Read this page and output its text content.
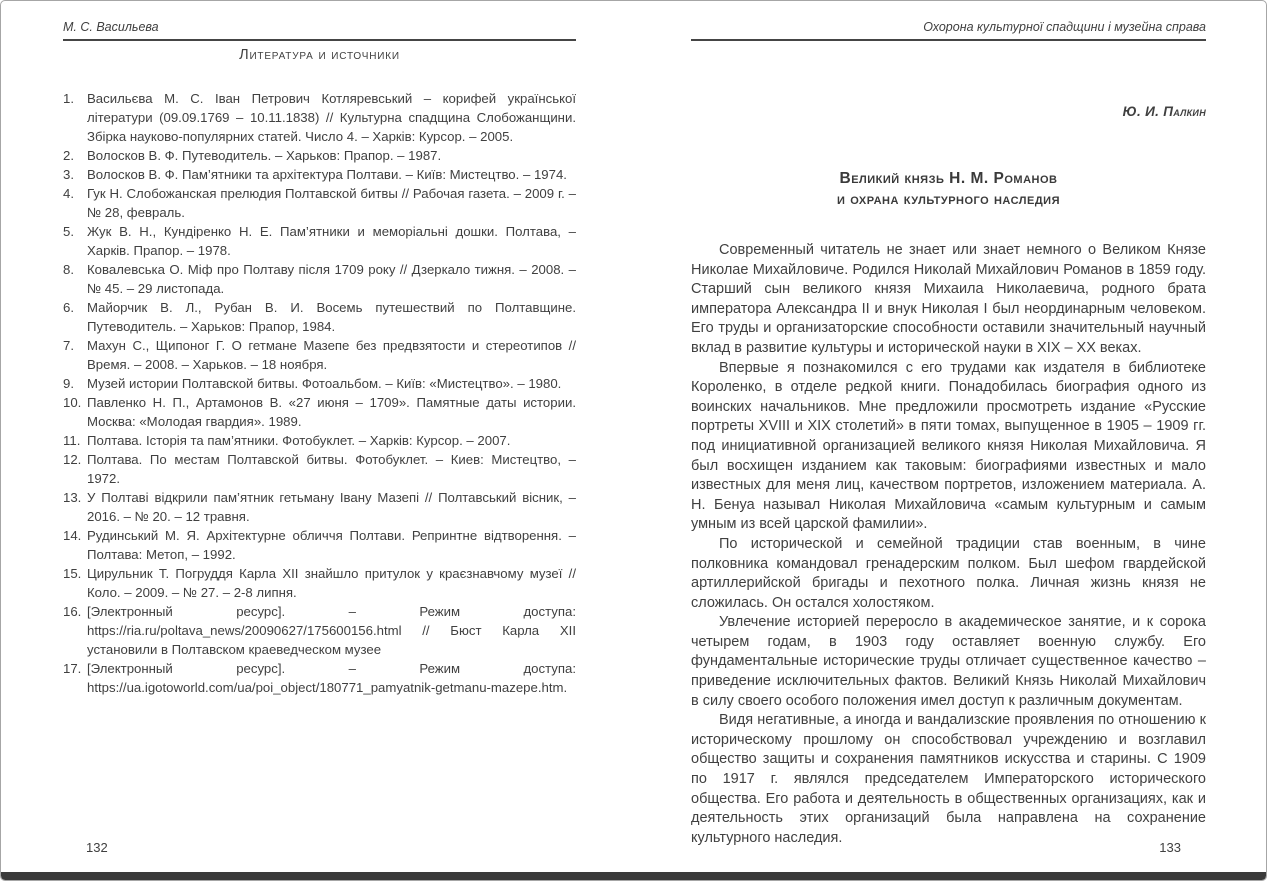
М. С. Васильева
Литература и источники
1. Васильєва М. С. Іван Петрович Котляревський – корифей української літератури (09.09.1769 – 10.11.1838) // Культурна спадщина Слобожанщини. Збірка науково-популярних статей. Число 4. – Харків: Курсор. – 2005.
2. Волосков В. Ф. Путеводитель. – Харьков: Прапор. – 1987.
3. Волосков В. Ф. Пам’ятники та архітектура Полтави. – Київ: Мистецтво. – 1974.
4. Гук Н. Слобожанская прелюдия Полтавской битвы // Рабочая газета. – 2009 г. – № 28, февраль.
5. Жук В. Н., Кундіренко Н. Е. Пам’ятники и меморіальні дошки. Полтава, – Харків. Прапор. – 1978.
8. Ковалевська О. Міф про Полтаву після 1709 року // Дзеркало тижня. – 2008. – № 45. – 29 листопада.
6. Майорчик В. Л., Рубан В. И. Восемь путешествий по Полтавщине. Путеводитель. – Харьков: Прапор, 1984.
7. Махун С., Щипоног Г. О гетмане Мазепе без предвзятости и стереотипов // Время. – 2008. – Харьков. – 18 ноября.
9. Музей истории Полтавской битвы. Фотоальбом. – Київ: «Мистецтво». – 1980.
10. Павленко Н. П., Артамонов В. «27 июня – 1709». Памятные даты истории. Москва: «Молодая гвардия». 1989.
11. Полтава. Історія та пам’ятники. Фотобуклет. – Харків: Курсор. – 2007.
12. Полтава. По местам Полтавской битвы. Фотобуклет. – Киев: Мистецтво, – 1972.
13. У Полтаві відкрили пам’ятник гетьману Івану Мазепі // Полтавський вісник, – 2016. – № 20. – 12 травня.
14. Рудинський М. Я. Архітектурне обличчя Полтави. Репринтне відтворення. – Полтава: Метоп, – 1992.
15. Цирульник Т. Погруддя Карла XII знайшло притулок у краєзнавчому музеї // Коло. – 2009. – № 27. – 2-8 липня.
16. [Электронный ресурс]. – Режим доступа: https://ria.ru/poltava_news/20090627/175600156.html // Бюст Карла XII установили в Полтавском краеведческом музее
17. [Электронный ресурс]. – Режим доступа: https://ua.igotoworld.com/ua/poi_object/180771_pamyatnik-getmanu-mazepe.htm.
132
Охорона культурної спадщини і музейна справа
Ю. И. Палкин
Великий князь Н. М. Романов
и охрана культурного наследия

Современный читатель не знает или знает немного о Великом Князе Николае Михайловиче. Родился Николай Михайлович Романов в 1859 году. Старший сын великого князя Михаила Николаевича, родного брата императора Александра II и внук Николая I был неординарным человеком. Его труды и организаторские способности оставили значительный научный вклад в развитие культуры и исторической науки в XIX – XX веках.

Впервые я познакомился с его трудами как издателя в библиотеке Короленко, в отделе редкой книги. Понадобилась биография одного из воинских начальников. Мне предложили просмотреть издание «Русские портреты XVIII и XIX столетий» в пяти томах, выпущенное в 1905 – 1909 гг. под инициативной организацией великого князя Николая Михайловича. Я был восхищен изданием как таковым: биографиями известных и мало известных для меня лиц, качеством портретов, изложением материала. А. Н. Бенуа называл Николая Михайловича «самым культурным и самым умным из всей царской фамилии».

По исторической и семейной традиции став военным, в чине полковника командовал гренадерским полком. Был шефом гвардейской артиллерийской бригады и пехотного полка. Личная жизнь князя не сложилась. Он остался холостяком.

Увлечение историей переросло в академическое занятие, и к сорока четырем годам, в 1903 году оставляет военную службу. Его фундаментальные исторические труды отличает существенное качество – приведение исключительных фактов. Великий Князь Николай Михайлович в силу своего особого положения имел доступ к различным документам.

Видя негативные, а иногда и вандализские проявления по отношению к историческому прошлому он способствовал учреждению и возглавил общество защиты и сохранения памятников искусства и старины. С 1909 по 1917 г. являлся председателем Императорского исторического общества. Его работа и деятельность в общественных организациях, как и деятельность этих организаций была направлена на сохранение культурного наследия.

133
